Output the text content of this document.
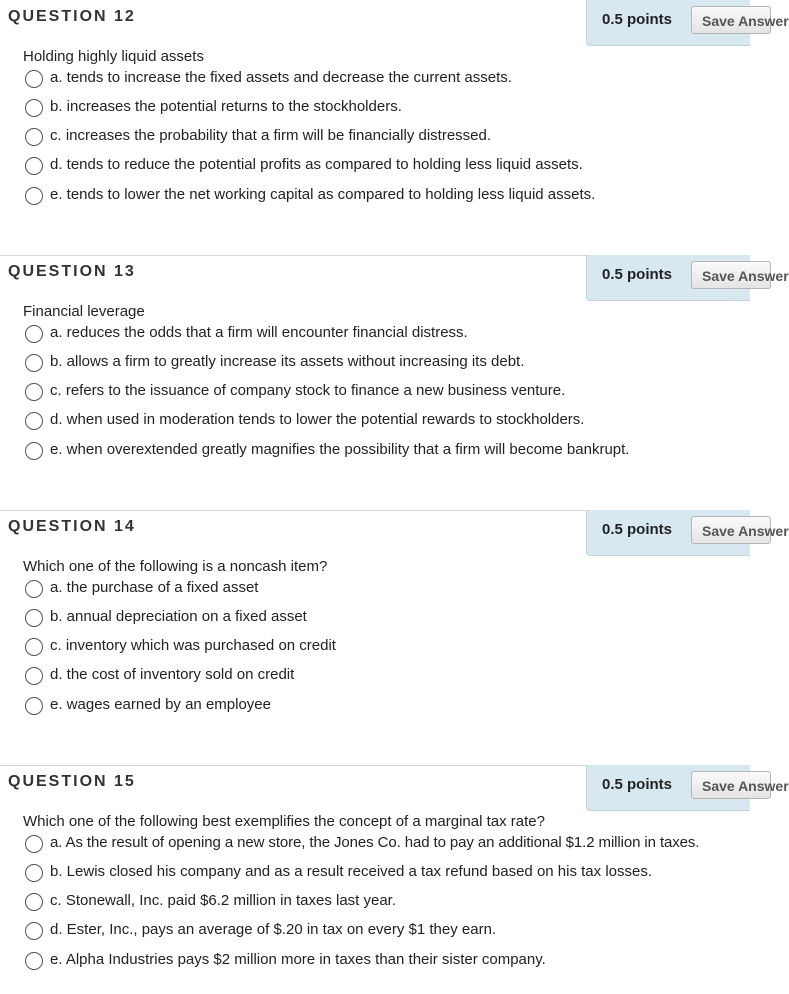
QUESTION 12	0.5 points	Save Answer
Holding highly liquid assets
a. tends to increase the fixed assets and decrease the current assets.
b. increases the potential returns to the stockholders.
c. increases the probability that a firm will be financially distressed.
d. tends to reduce the potential profits as compared to holding less liquid assets.
e. tends to lower the net working capital as compared to holding less liquid assets.
QUESTION 13	0.5 points	Save Answer
Financial leverage
a. reduces the odds that a firm will encounter financial distress.
b. allows a firm to greatly increase its assets without increasing its debt.
c. refers to the issuance of company stock to finance a new business venture.
d. when used in moderation tends to lower the potential rewards to stockholders.
e. when overextended greatly magnifies the possibility that a firm will become bankrupt.
QUESTION 14	0.5 points	Save Answer
Which one of the following is a noncash item?
a. the purchase of a fixed asset
b. annual depreciation on a fixed asset
c. inventory which was purchased on credit
d. the cost of inventory sold on credit
e. wages earned by an employee
QUESTION 15	0.5 points	Save Answer
Which one of the following best exemplifies the concept of a marginal tax rate?
a. As the result of opening a new store, the Jones Co. had to pay an additional $1.2 million in taxes.
b. Lewis closed his company and as a result received a tax refund based on his tax losses.
c. Stonewall, Inc. paid $6.2 million in taxes last year.
d. Ester, Inc., pays an average of $.20 in tax on every $1 they earn.
e. Alpha Industries pays $2 million more in taxes than their sister company.
